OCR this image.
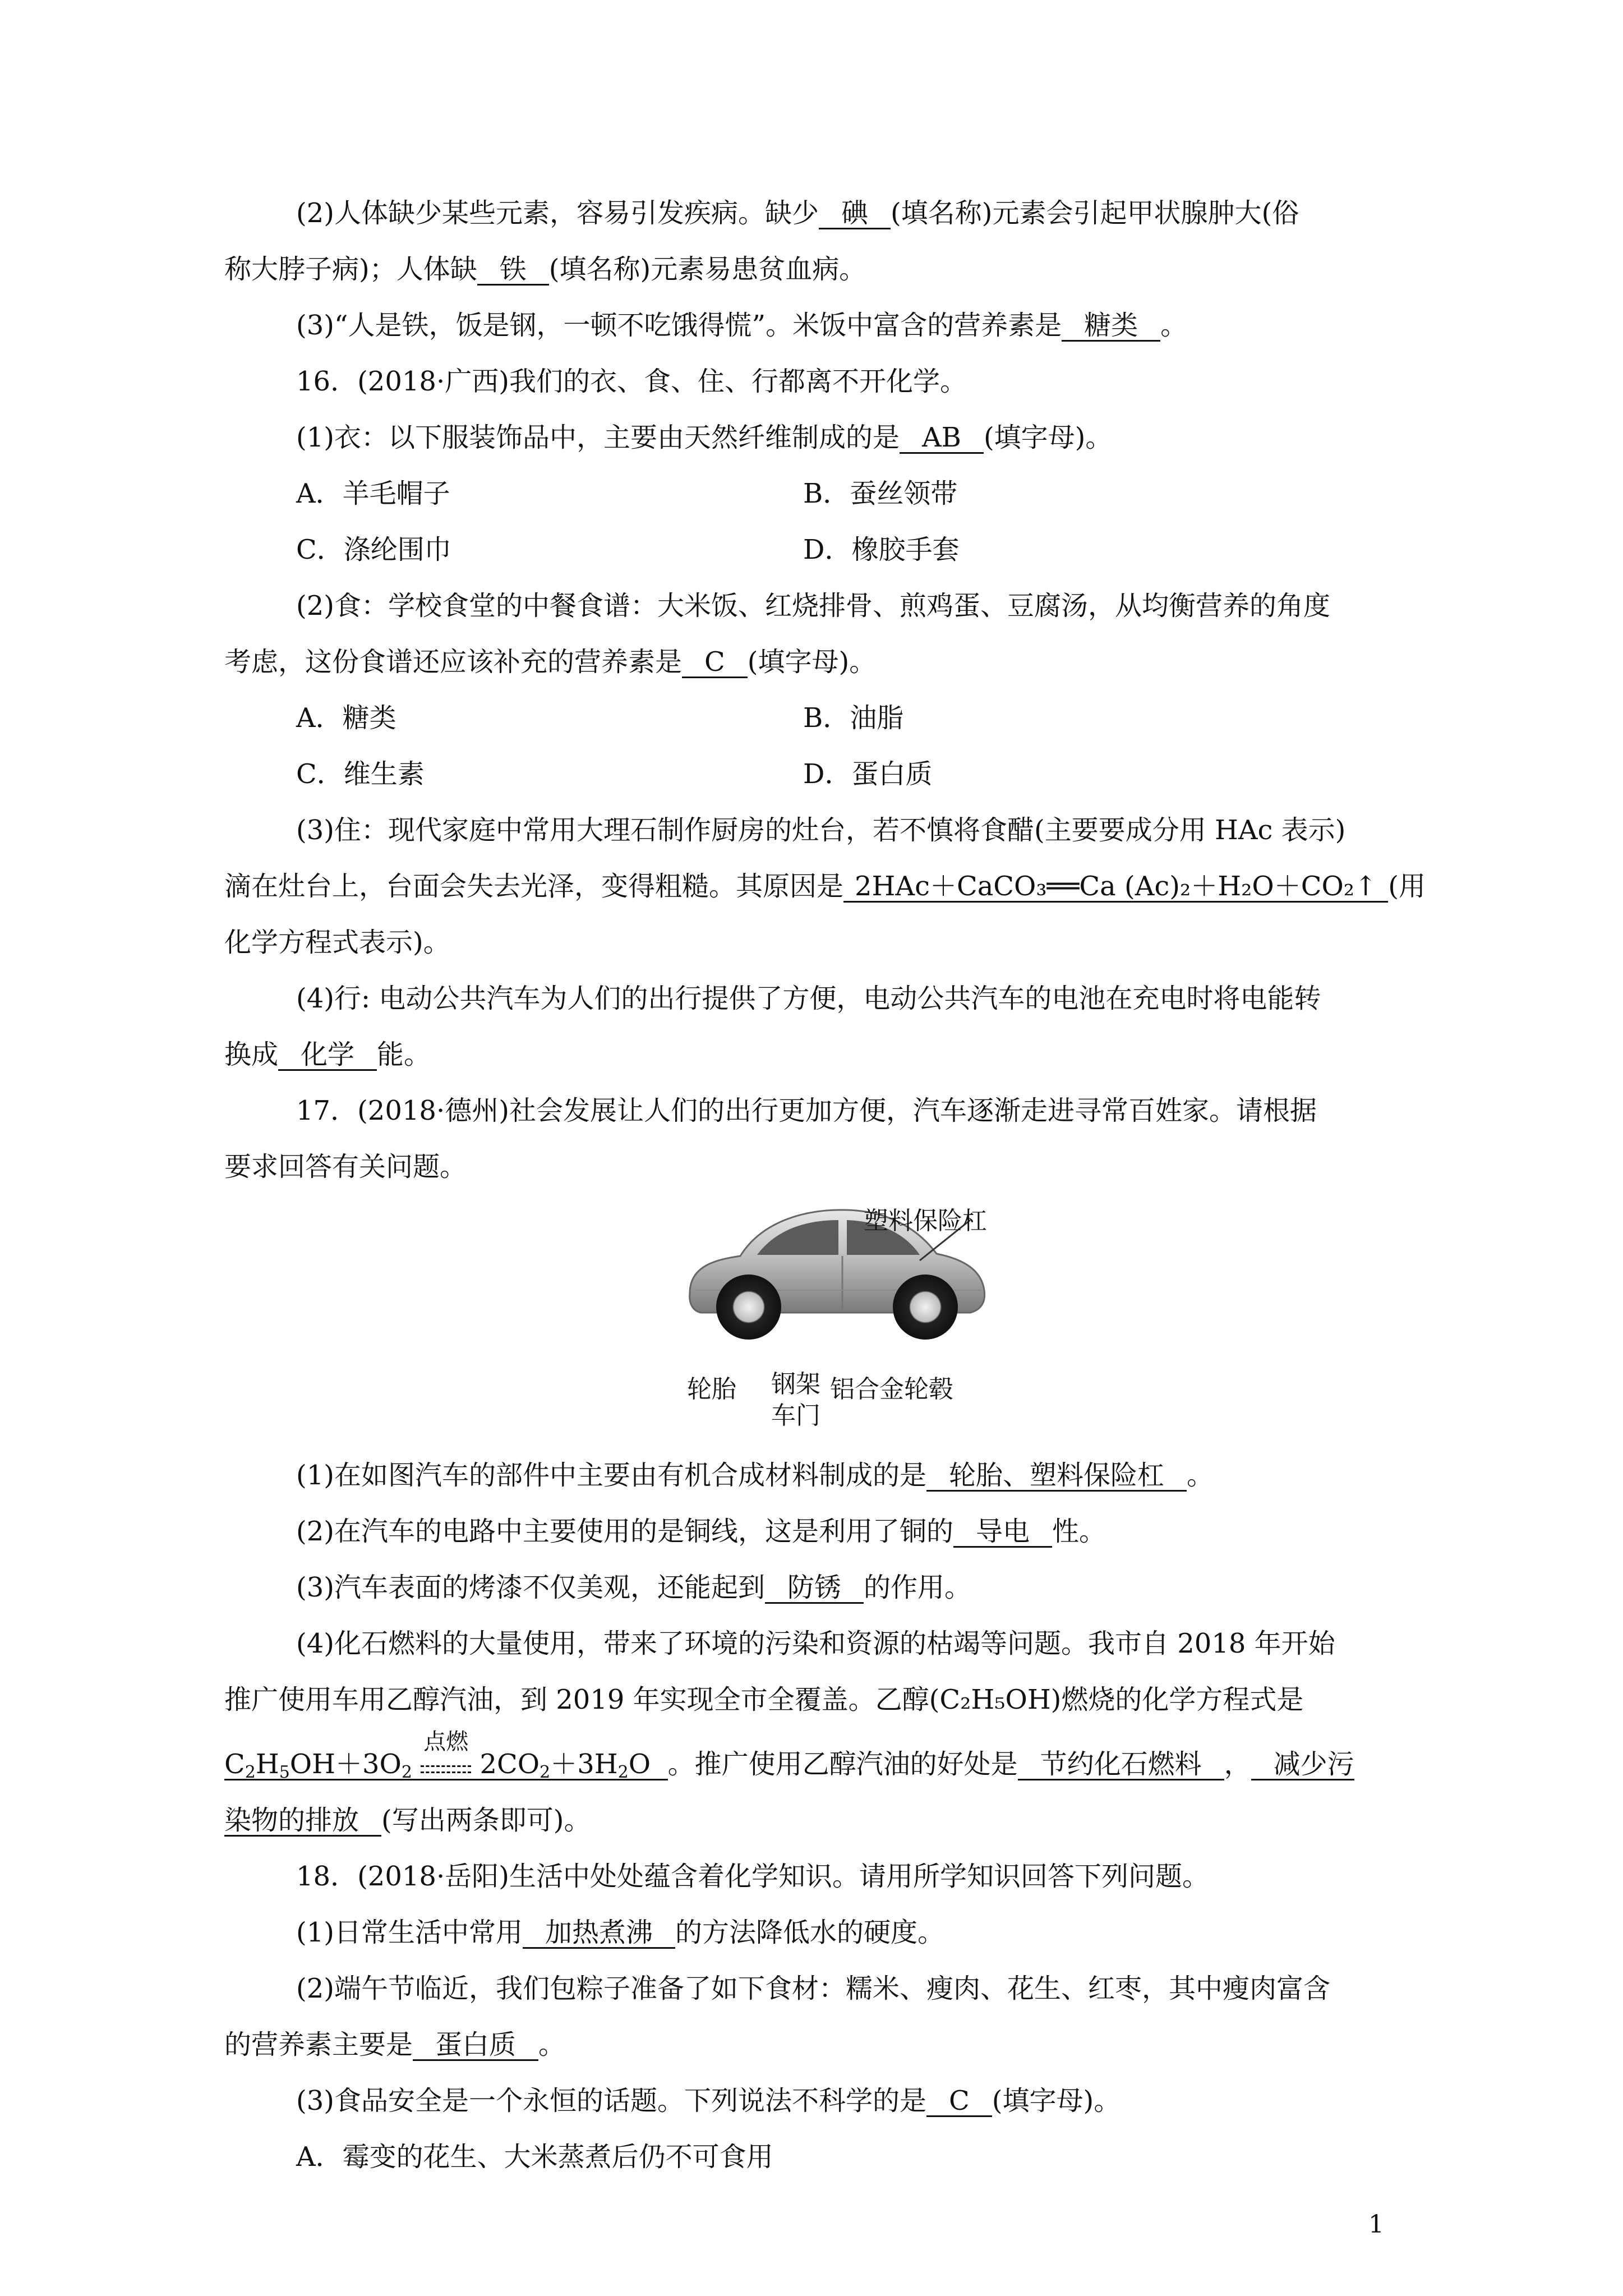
(2)人体缺少某些元素，容易引发疾病。缺少 碘 (填名称)元素会引起甲状腺肿大(俗
称大脖子病)；人体缺 铁 (填名称)元素易患贫血病。
(3)“人是铁，饭是钢，一顿不吃饿得慌”。米饭中富含的营养素是 糖类 。
16．(2018·广西)我们的衣、食、住、行都离不开化学。
(1)衣：以下服装饰品中，主要由天然纤维制成的是 AB (填字母)。
A．羊毛帽子	B．蚕丝领带
C．涤纶围巾	D．橡胶手套
(2)食：学校食堂的中餐食谱：大米饭、红烧排骨、煎鸡蛋、豆腐汤，从均衡营养的角度
考虑，这份食谱还应该补充的营养素是 C (填字母)。
A．糖类	B．油脂
C．维生素	D．蛋白质
(3)住：现代家庭中常用大理石制作厨房的灶台，若不慎将食醋(主要要成分用 HAc 表示)
滴在灶台上，台面会失去光泽，变得粗糙。其原因是 2HAc＋CaCO₃══Ca (Ac)₂＋H₂O＋CO₂↑ (用
化学方程式表示)。
(4)行: 电动公共汽车为人们的出行提供了方便，电动公共汽车的电池在充电时将电能转
换成 化学 能。
17．(2018·德州)社会发展让人们的出行更加方便，汽车逐渐走进寻常百姓家。请根据
要求回答有关问题。
塑料保险杠
轮胎 钢架
车门
铝合金轮毂
(1)在如图汽车的部件中主要由有机合成材料制成的是 轮胎、塑料保险杠 。
(2)在汽车的电路中主要使用的是铜线，这是利用了铜的 导电 性。
(3)汽车表面的烤漆不仅美观，还能起到 防锈 的作用。
(4)化石燃料的大量使用，带来了环境的污染和资源的枯竭等问题。我市自 2018 年开始
推广使用车用乙醇汽油，到 2019 年实现全市全覆盖。乙醇(C₂H₅OH)燃烧的化学方程式是
$C_2H_5OH+3O_2$
点燃
$2CO_2+3H_2O$  。推广使用乙醇汽油的好处是 节约化石燃料 ， 减少污
染物的排放 (写出两条即可)。
18．(2018·岳阳)生活中处处蕴含着化学知识。请用所学知识回答下列问题。
(1)日常生活中常用 加热煮沸 的方法降低水的硬度。
(2)端午节临近，我们包粽子准备了如下食材：糯米、瘦肉、花生、红枣，其中瘦肉富含
的营养素主要是 蛋白质 。
(3)食品安全是一个永恒的话题。下列说法不科学的是 C (填字母)。
A．霉变的花生、大米蒸煮后仍不可食用
1
